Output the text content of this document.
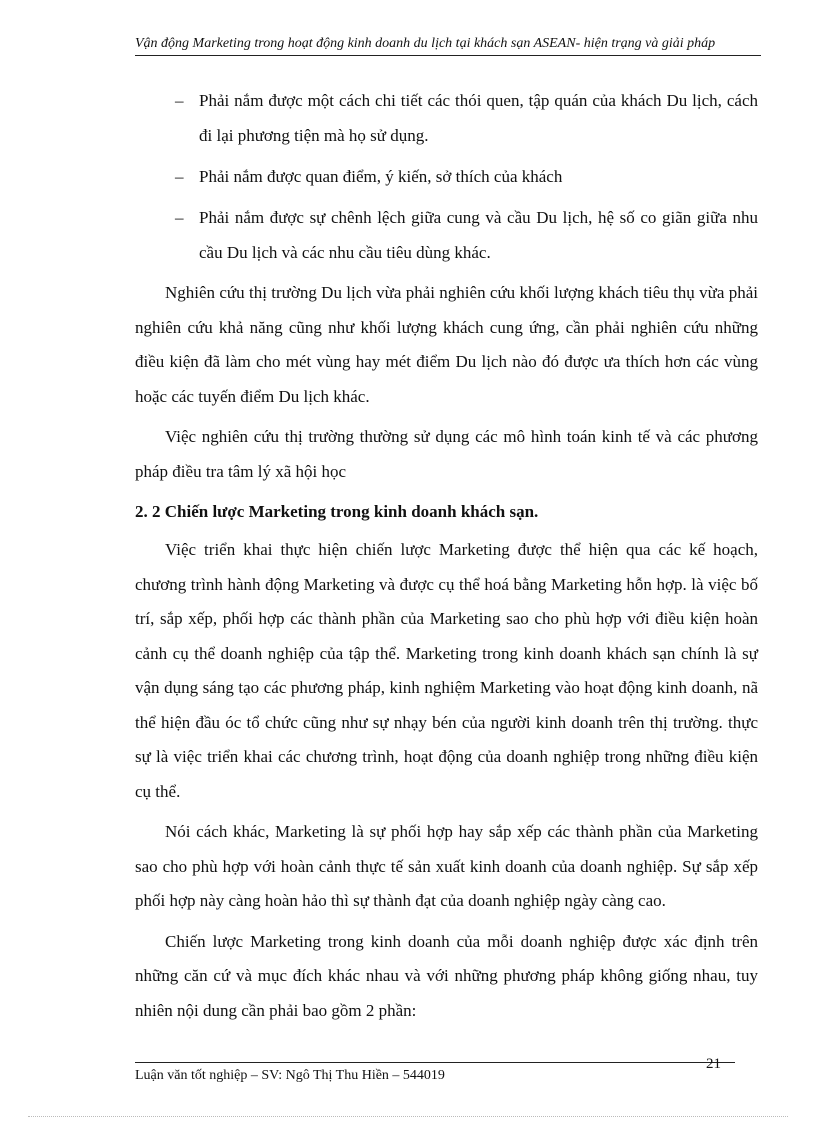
Vận động Marketing trong hoạt động kinh doanh du lịch tại khách sạn ASEAN- hiện trạng và giải pháp
– Phải nắm được một cách chi tiết các thói quen, tập quán của khách Du lịch, cách đi lại phương tiện mà họ sử dụng.
– Phải nắm được quan điểm, ý kiến, sở thích của khách
– Phải nắm được sự chênh lệch giữa cung và cầu Du lịch, hệ số co giãn giữa nhu cầu Du lịch và các nhu cầu tiêu dùng khác.

Nghiên cứu thị trường Du lịch vừa phải nghiên cứu khối lượng khách tiêu thụ vừa phải nghiên cứu khả năng cũng như khối lượng khách cung ứng, cần phải nghiên cứu những điều kiện đã làm cho mét vùng hay mét điểm Du lịch nào đó được ưa thích hơn các vùng hoặc các tuyến điểm Du lịch khác.

Việc nghiên cứu thị trường thường sử dụng các mô hình toán kinh tế và các phương pháp điều tra tâm lý xã hội học

2. 2 Chiến lược Marketing trong kinh doanh khách sạn.

Việc triển khai thực hiện chiến lược Marketing được thể hiện qua các kế hoạch, chương trình hành động Marketing và được cụ thể hoá bằng Marketing hỗn hợp. là việc bố trí, sắp xếp, phối hợp các thành phần của Marketing sao cho phù hợp với điều kiện hoàn cảnh cụ thể doanh nghiệp của tập thể. Marketing trong kinh doanh khách sạn chính là sự vận dụng sáng tạo các phương pháp, kinh nghiệm Marketing vào hoạt động kinh doanh, nã thể hiện đầu óc tổ chức cũng như sự nhạy bén của người kinh doanh trên thị trường. thực sự là việc triển khai các chương trình, hoạt động của doanh nghiệp trong những điều kiện cụ thể.

Nói cách khác, Marketing là sự phối hợp hay sắp xếp các thành phần của Marketing sao cho phù hợp với hoàn cảnh thực tế sản xuất kinh doanh của doanh nghiệp. Sự sắp xếp phối hợp này càng hoàn hảo thì sự thành đạt của doanh nghiệp ngày càng cao.

Chiến lược Marketing trong kinh doanh của mỗi doanh nghiệp được xác định trên những căn cứ và mục đích khác nhau và với những phương pháp không giống nhau, tuy nhiên nội dung cần phải bao gồm 2 phần:

Luận văn tốt nghiệp – SV: Ngô Thị Thu Hiền – 544019
21
